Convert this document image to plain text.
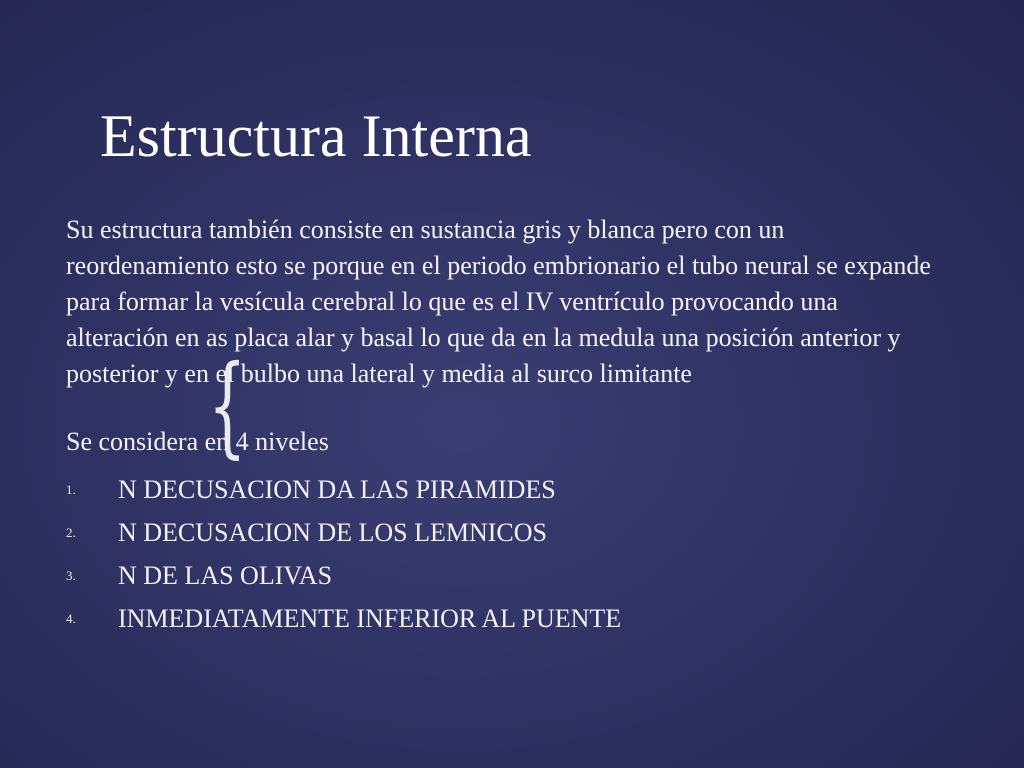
Estructura Interna
{

Su estructura también consiste en sustancia gris y blanca pero con un reordenamiento esto se porque en el periodo embrionario el tubo neural se expande para formar la vesícula cerebral lo que es el IV ventrículo provocando una alteración en as placa alar y basal lo que da en la medula una posición anterior y posterior y en el bulbo una lateral y media al surco limitante

Se considera en 4 niveles

1.	N DECUSACION DA LAS PIRAMIDES
2.	N DECUSACION DE LOS LEMNICOS
3.	N DE LAS OLIVAS
4.	INMEDIATAMENTE INFERIOR AL PUENTE
